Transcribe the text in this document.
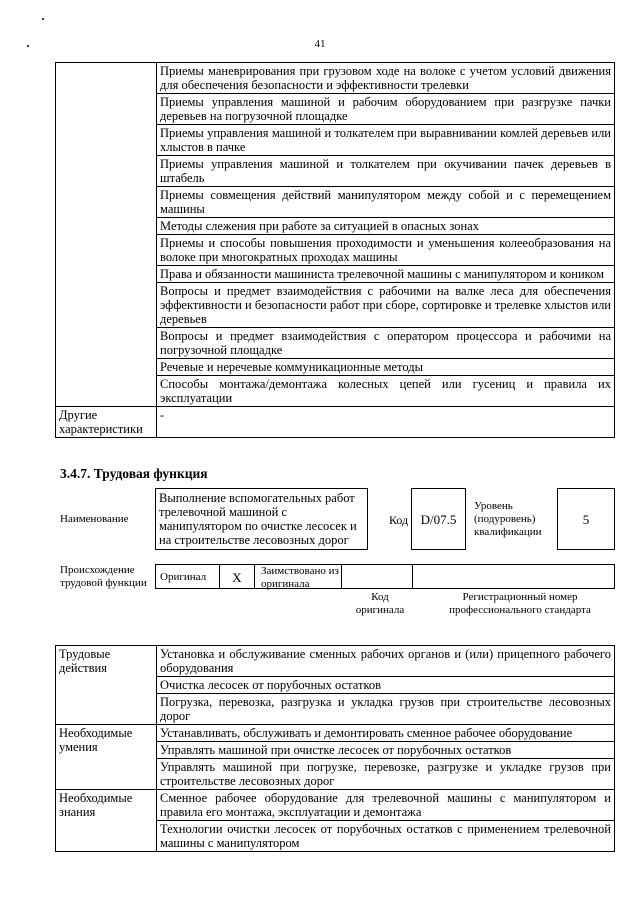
41
	Приемы маневрирования при грузовом ходе на волоке с учетом условий движения для обеспечения безопасности и эффективности трелевки
	Приемы управления машиной и рабочим оборудованием при разгрузке пачки деревьев на погрузочной площадке
	Приемы управления машиной и толкателем при выравнивании комлей деревьев или хлыстов в пачке
	Приемы управления машиной и толкателем при окучивании пачек деревьев в штабель
	Приемы совмещения действий манипулятором между собой и с перемещением машины
	Методы слежения при работе за ситуацией в опасных зонах
	Приемы и способы повышения проходимости и уменьшения колееобразования на волоке при многократных проходах машины
	Права и обязанности машиниста трелевочной машины с манипулятором и коником
	Вопросы и предмет взаимодействия с рабочими на валке леса для обеспечения эффективности и безопасности работ при сборе, сортировке и трелевке хлыстов или деревьев
	Вопросы и предмет взаимодействия с оператором процессора и рабочими на погрузочной площадке
	Речевые и неречевые коммуникационные методы
	Способы монтажа/демонтажа колесных цепей или гусениц и правила их эксплуатации
Другие характеристики	-
3.4.7. Трудовая функция
Наименование
Выполнение вспомогательных работ трелевочной машиной с манипулятором по очистке лесосек и на строительстве лесовозных дорог
Код D/07.5
Уровень (подуровень) квалификации
5
Происхождение трудовой функции	Оригинал	X	Заимствовано из оригинала
Код оригинала
Регистрационный номер профессионального стандарта
Трудовые действия	Установка и обслуживание сменных рабочих органов и (или) прицепного рабочего оборудования
	Очистка лесосек от порубочных остатков
	Погрузка, перевозка, разгрузка и укладка грузов при строительстве лесовозных дорог
Необходимые умения	Устанавливать, обслуживать и демонтировать сменное рабочее оборудование
	Управлять машиной при очистке лесосек от порубочных остатков
	Управлять машиной при погрузке, перевозке, разгрузке и укладке грузов при строительстве лесовозных дорог
Необходимые знания	Сменное рабочее оборудование для трелевочной машины с манипулятором и правила его монтажа, эксплуатации и демонтажа
	Технологии очистки лесосек от порубочных остатков с применением трелевочной машины с манипулятором
